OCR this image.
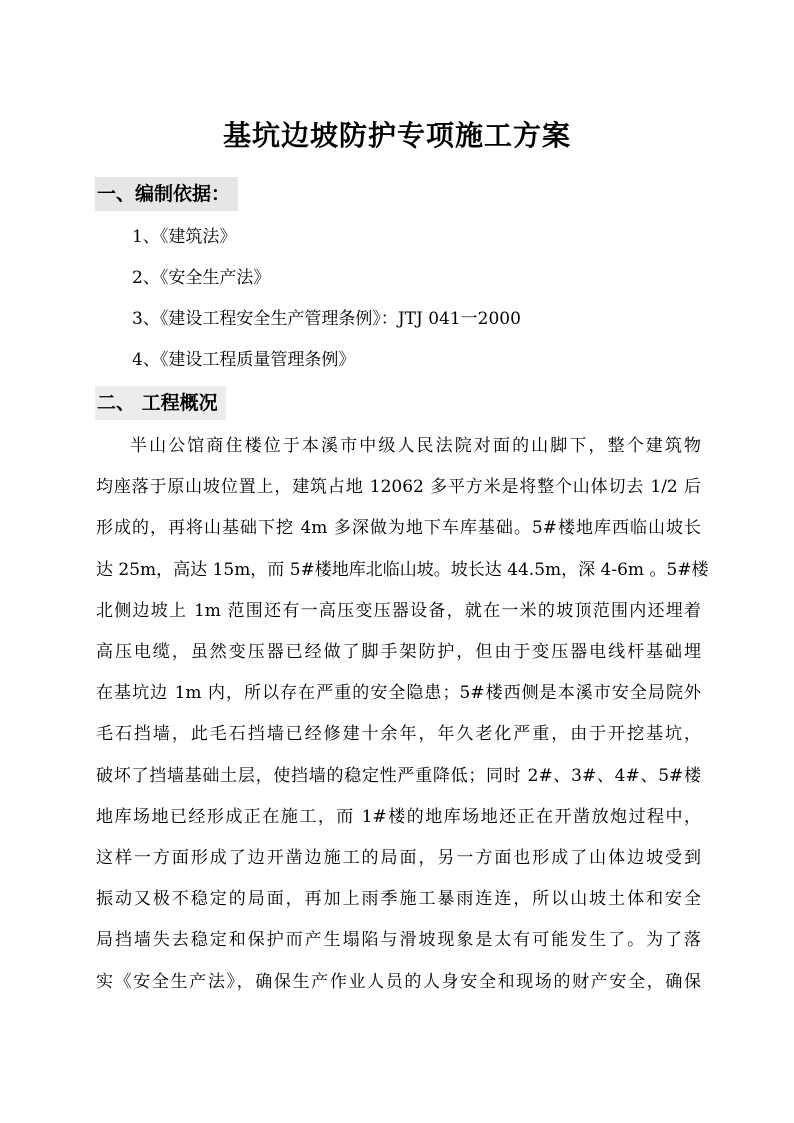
基坑边坡防护专项施工方案
一、编制依据：
1、《建筑法》
2、《安全生产法》
3、《建设工程安全生产管理条例》：JTJ 041一2000
4、《建设工程质量管理条例》
二、 工程概况
半山公馆商住楼位于本溪市中级人民法院对面的山脚下，整个建筑物
均座落于原山坡位置上，建筑占地 12062 多平方米是将整个山体切去 1/2 后
形成的，再将山基础下挖 4m 多深做为地下车库基础。5#楼地库西临山坡长
达 25m，高达 15m，而 5#楼地库北临山坡。坡长达 44.5m，深 4-6m 。5#楼
北侧边坡上 1m 范围还有一高压变压器设备，就在一米的坡顶范围内还埋着
高压电缆，虽然变压器已经做了脚手架防护，但由于变压器电线杆基础埋
在基坑边 1m 内，所以存在严重的安全隐患；5#楼西侧是本溪市安全局院外
毛石挡墙，此毛石挡墙已经修建十余年，年久老化严重，由于开挖基坑，
破坏了挡墙基础土层，使挡墙的稳定性严重降低；同时 2#、3#、4#、5#楼
地库场地已经形成正在施工，而 1#楼的地库场地还正在开凿放炮过程中，
这样一方面形成了边开凿边施工的局面，另一方面也形成了山体边坡受到
振动又极不稳定的局面，再加上雨季施工暴雨连连，所以山坡土体和安全
局挡墙失去稳定和保护而产生塌陷与滑坡现象是太有可能发生了。为了落
实《安全生产法》，确保生产作业人员的人身安全和现场的财产安全，确保
